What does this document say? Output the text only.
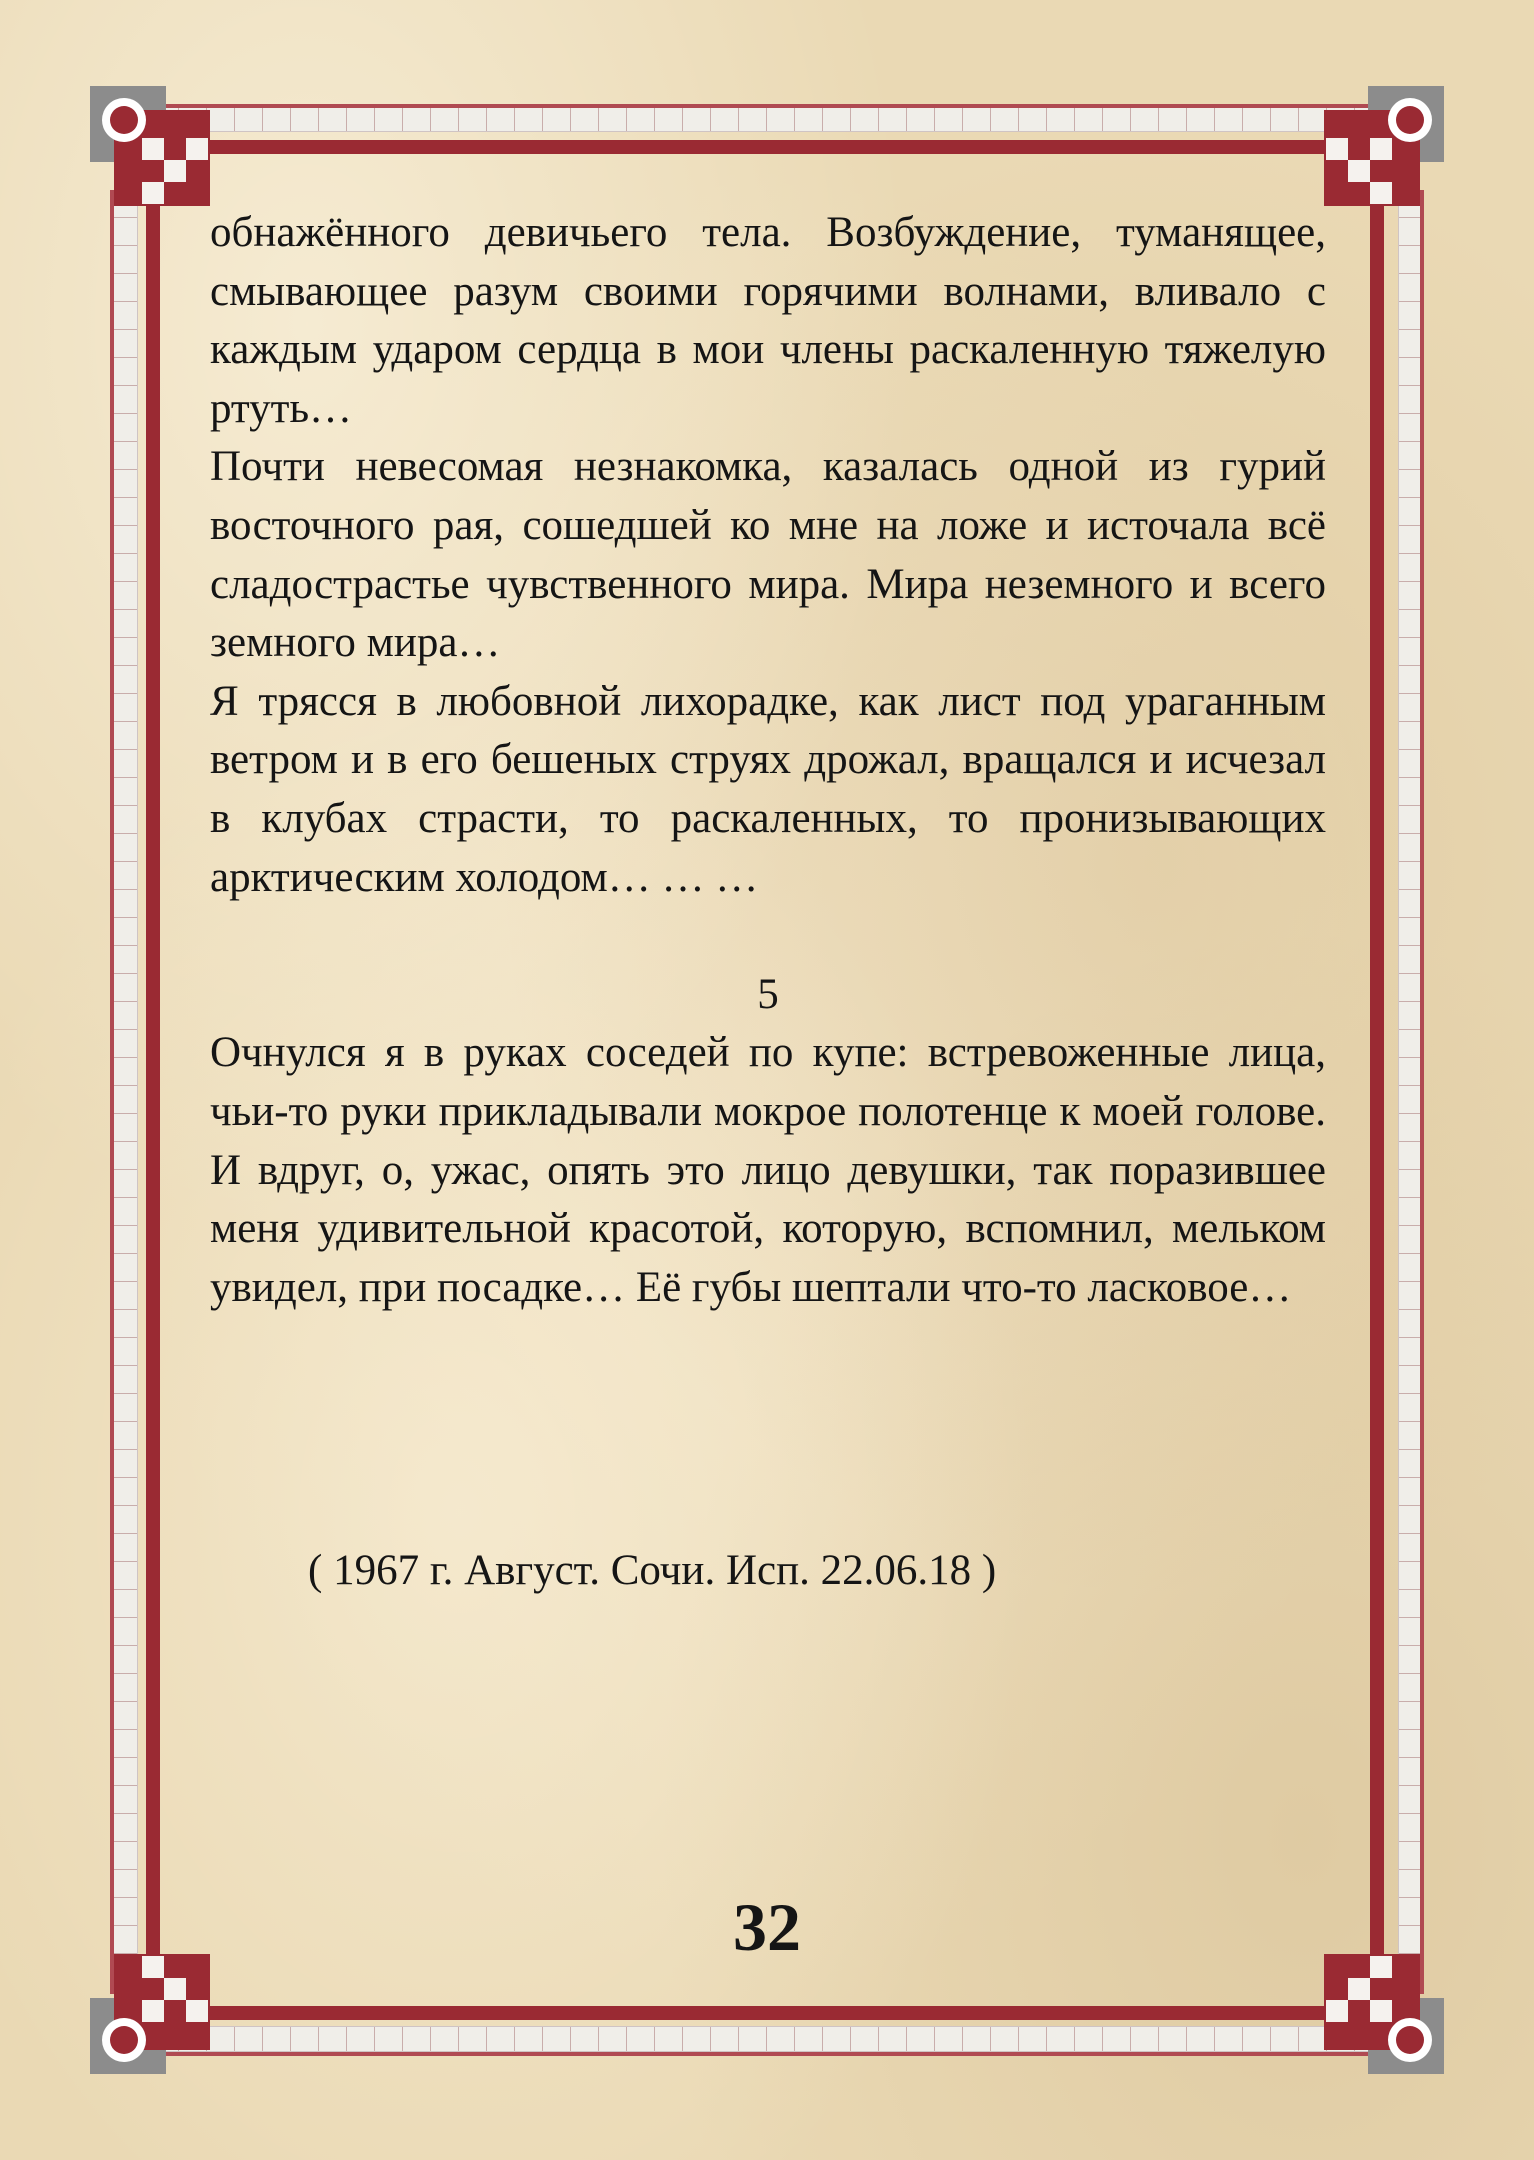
обнажённого девичьего тела. Возбуждение, туманящее, смывающее разум своими горячими волнами, вливало с каждым ударом сердца в мои члены раскаленную тяжелую ртуть…

Почти невесомая незнакомка, казалась одной из гурий восточного рая, сошедшей ко мне на ложе и источала всё сладострастье чувственного мира. Мира неземного и всего земного мира…

Я трясся в любовной лихорадке, как лист под ураганным ветром и в его бешеных струях дрожал, вращался и исчезал в клубах страсти, то раскаленных, то пронизывающих арктическим холодом… … …

5

Очнулся я в руках соседей по купе: встревоженные лица, чьи-то руки прикладывали мокрое полотенце к моей голове. И вдруг, о, ужас, опять это лицо девушки, так поразившее меня удивительной красотой, которую, вспомнил, мельком увидел, при посадке… Её губы шептали что-то ласковое…

( 1967 г. Август. Сочи. Исп. 22.06.18 )
32
